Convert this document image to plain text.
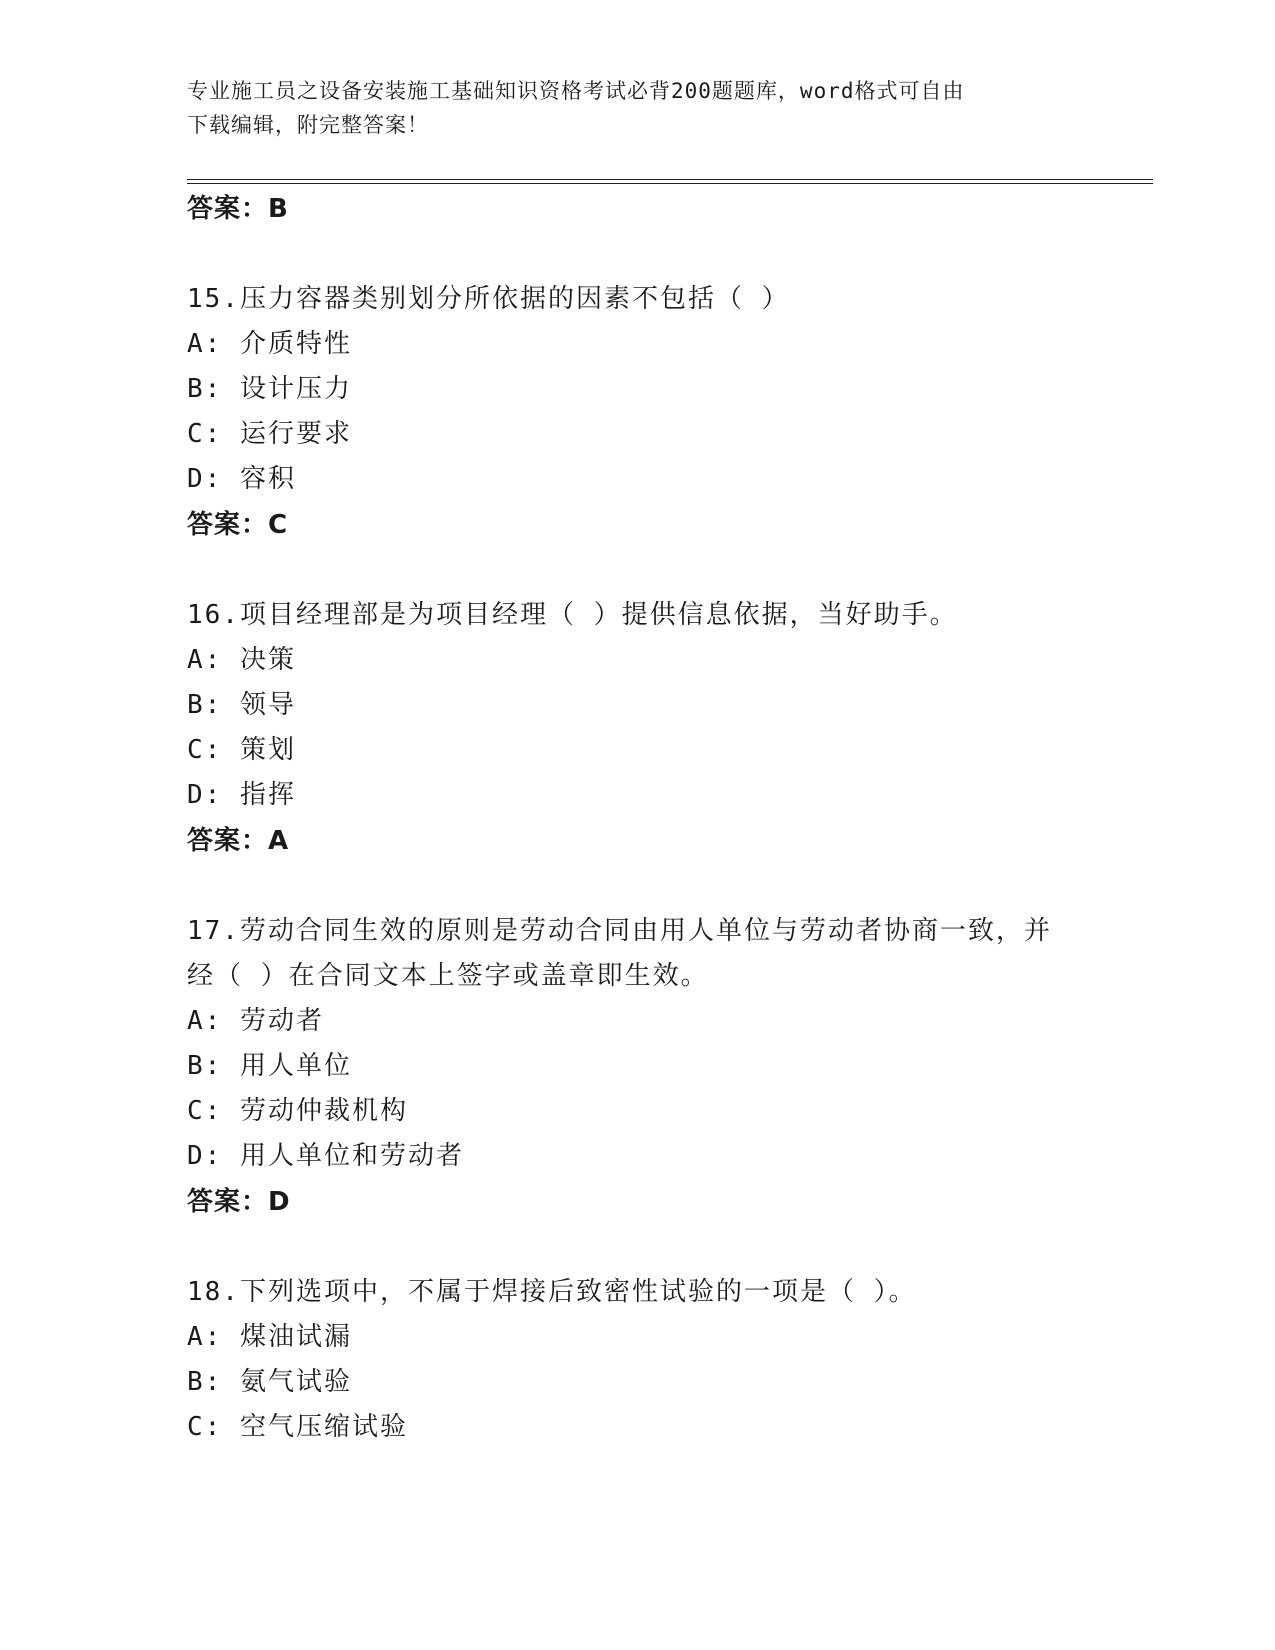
专业施工员之设备安装施工基础知识资格考试必背200题题库，word格式可自由
下载编辑，附完整答案！
答案：B
15.压力容器类别划分所依据的因素不包括（ ）
A: 介质特性
B: 设计压力
C: 运行要求
D: 容积
答案：C
16.项目经理部是为项目经理（ ）提供信息依据，当好助手。
A: 决策
B: 领导
C: 策划
D: 指挥
答案：A
17.劳动合同生效的原则是劳动合同由用人单位与劳动者协商一致，并
经（ ）在合同文本上签字或盖章即生效。
A: 劳动者
B: 用人单位
C: 劳动仲裁机构
D: 用人单位和劳动者
答案：D
18.下列选项中，不属于焊接后致密性试验的一项是（ ）。
A: 煤油试漏
B: 氨气试验
C: 空气压缩试验
